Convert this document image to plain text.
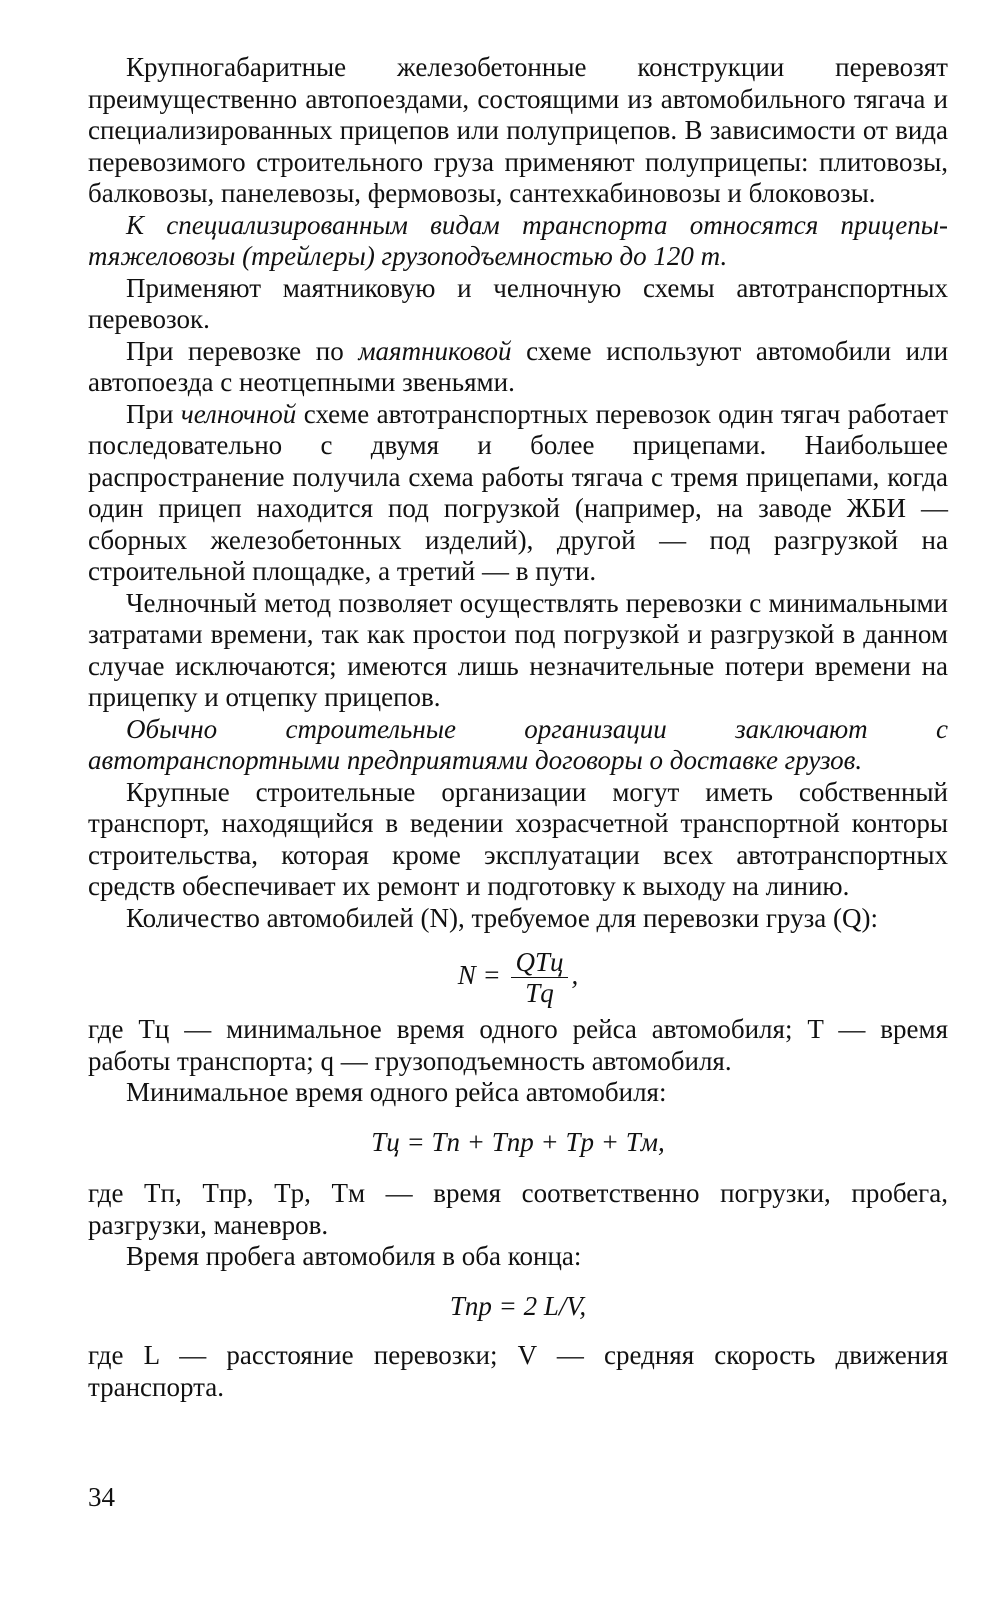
Крупногабаритные железобетонные конструкции перевозят преимущественно автопоездами, состоящими из автомобильного тягача и специализированных прицепов или полуприцепов. В зависимости от вида перевозимого строительного груза применяют полуприцепы: плитовозы, балковозы, панелевозы, фермовозы, сантехкабиновозы и блоковозы.

К специализированным видам транспорта относятся прицепы-тяжеловозы (трейлеры) грузоподъемностью до 120 т.

Применяют маятниковую и челночную схемы автотранспортных перевозок.

При перевозке по маятниковой схеме используют автомобили или автопоезда с неотцепными звеньями.

При челночной схеме автотранспортных перевозок один тягач работает последовательно с двумя и более прицепами. Наибольшее распространение получила схема работы тягача с тремя прицепами, когда один прицеп находится под погрузкой (например, на заводе ЖБИ — сборных железобетонных изделий), другой — под разгрузкой на строительной площадке, а третий — в пути.

Челночный метод позволяет осуществлять перевозки с минимальными затратами времени, так как простои под погрузкой и разгрузкой в данном случае исключаются; имеются лишь незначительные потери времени на прицепку и отцепку прицепов.

Обычно строительные организации заключают с автотранспортными предприятиями договоры о доставке грузов.

Крупные строительные организации могут иметь собственный транспорт, находящийся в ведении хозрасчетной транспортной конторы строительства, которая кроме эксплуатации всех автотранспортных средств обеспечивает их ремонт и подготовку к выходу на линию.

Количество автомобилей (N), требуемое для перевозки груза (Q):

$N = \frac{\text{QTц}}{Tq}$ ,

где Tц — минимальное время одного рейса автомобиля; T — время работы транспорта; q — грузоподъемность автомобиля.

Минимальное время одного рейса автомобиля:

Tц = Tп + Tпр + Tр + Tм,

где Tп, Tпр, Tр, Tм — время соответственно погрузки, пробега, разгрузки, маневров.

Время пробега автомобиля в оба конца:

Tпр = 2 L/V,

где L — расстояние перевозки; V — средняя скорость движения транспорта.

34
